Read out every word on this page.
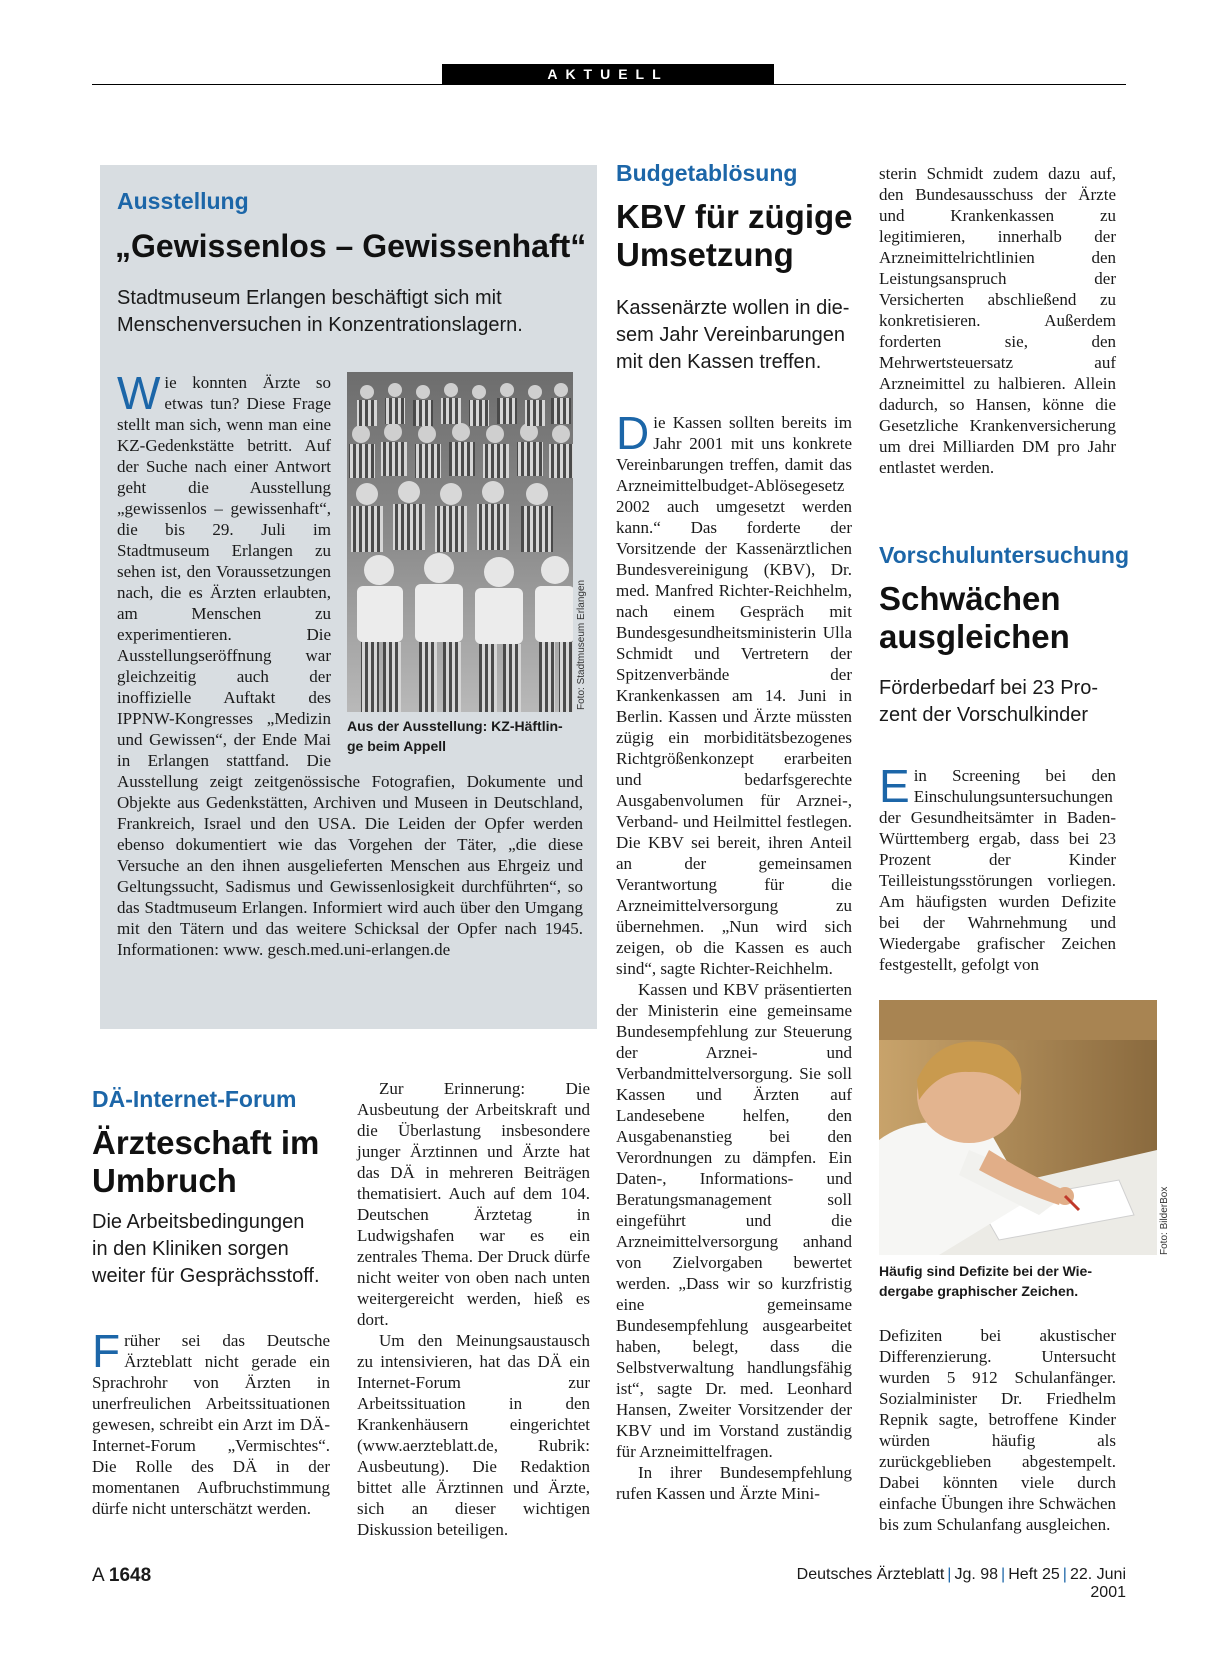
AKTUELL
Ausstellung
„Gewissenlos – Gewissenhaft“
Stadtmuseum Erlangen beschäftigt sich mit
Menschenversuchen in Konzentrationslagern.
Wie konnten Ärzte so etwas tun? Diese Frage stellt man sich, wenn man eine KZ-Gedenkstätte betritt. Auf der Suche nach einer Antwort geht die Ausstellung „gewissenlos – gewissenhaft“, die bis 29. Juli im Stadtmuseum Erlangen zu sehen ist, den Voraussetzungen nach, die es Ärzten erlaubten, am Menschen zu experimentieren. Die Ausstellungseröffnung war gleichzeitig auch der inoffizielle Auftakt des IPPNW-Kongresses „Medizin und Gewissen“, der Ende Mai in Erlangen stattfand. Die Ausstellung zeigt zeitgenössische Fotografien, Dokumente und Objekte aus Gedenkstätten, Archiven und Museen in Deutschland, Frankreich, Israel und den USA. Die Leiden der Opfer werden ebenso dokumentiert wie das Vorgehen der Täter, „die diese Versuche an den ihnen ausgelieferten Menschen aus Ehrgeiz und Geltungssucht, Sadismus und Gewissenlosigkeit durchführten“, so das Stadtmuseum Erlangen. Informiert wird auch über den Umgang mit den Tätern und das weitere Schicksal der Opfer nach 1945. Informationen: www. gesch.med.uni-erlangen.de
Foto: Stadtmuseum Erlangen
Aus der Ausstellung: KZ-Häftlin-
ge beim Appell
DÄ-Internet-Forum
Ärzteschaft im
Umbruch
Die Arbeitsbedingungen
in den Kliniken sorgen
weiter für Gesprächsstoff.

Früher sei das Deutsche Ärzteblatt nicht gerade ein Sprachrohr von Ärzten in unerfreulichen Arbeitssituationen gewesen, schreibt ein Arzt im DÄ-Internet-Forum „Vermischtes“. Die Rolle des DÄ in der momentanen Aufbruchstimmung dürfe nicht unterschätzt werden.

Zur Erinnerung: Die Ausbeutung der Arbeitskraft und die Überlastung insbesondere junger Ärztinnen und Ärzte hat das DÄ in mehreren Beiträgen thematisiert. Auch auf dem 104. Deutschen Ärztetag in Ludwigshafen war es ein zentrales Thema. Der Druck dürfe nicht weiter von oben nach unten weitergereicht werden, hieß es dort.

Um den Meinungsaustausch zu intensivieren, hat das DÄ ein Internet-Forum zur Arbeitssituation in den Krankenhäusern eingerichtet (www.aerzteblatt.de, Rubrik: Ausbeutung). Die Redaktion bittet alle Ärztinnen und Ärzte, sich an dieser wichtigen Diskussion beteiligen.

Budgetablösung
KBV für zügige
Umsetzung
Kassenärzte wollen in die-
sem Jahr Vereinbarungen
mit den Kassen treffen.

Die Kassen sollten bereits im Jahr 2001 mit uns konkrete Vereinbarungen treffen, damit das Arzneimittelbudget-Ablösegesetz 2002 auch umgesetzt werden kann.“ Das forderte der Vorsitzende der Kassenärztlichen Bundesvereinigung (KBV), Dr. med. Manfred Richter-Reichhelm, nach einem Gespräch mit Bundesgesundheitsministerin Ulla Schmidt und Vertretern der Spitzenverbände der Krankenkassen am 14. Juni in Berlin. Kassen und Ärzte müssten zügig ein morbiditätsbezogenes Richtgrößenkonzept erarbeiten und bedarfsgerechte Ausgabenvolumen für Arznei-, Verband- und Heilmittel festlegen. Die KBV sei bereit, ihren Anteil an der gemeinsamen Verantwortung für die Arzneimittelversorgung zu übernehmen. „Nun wird sich zeigen, ob die Kassen es auch sind“, sagte Richter-Reichhelm.

Kassen und KBV präsentierten der Ministerin eine gemeinsame Bundesempfehlung zur Steuerung der Arznei- und Verbandmittelversorgung. Sie soll Kassen und Ärzten auf Landesebene helfen, den Ausgabenanstieg bei den Verordnungen zu dämpfen. Ein Daten-, Informations- und Beratungsmanagement soll eingeführt und die Arzneimittelversorgung anhand von Zielvorgaben bewertet werden. „Dass wir so kurzfristig eine gemeinsame Bundesempfehlung ausgearbeitet haben, belegt, dass die Selbstverwaltung handlungsfähig ist“, sagte Dr. med. Leonhard Hansen, Zweiter Vorsitzender der KBV und im Vorstand zuständig für Arzneimittelfragen.

In ihrer Bundesempfehlung rufen Kassen und Ärzte Mini-

sterin Schmidt zudem dazu auf, den Bundesausschuss der Ärzte und Krankenkassen zu legitimieren, innerhalb der Arzneimittelrichtlinien den Leistungsanspruch der Versicherten abschließend zu konkretisieren. Außerdem forderten sie, den Mehrwertsteuersatz auf Arzneimittel zu halbieren. Allein dadurch, so Hansen, könne die Gesetzliche Krankenversicherung um drei Milliarden DM pro Jahr entlastet werden.

Vorschuluntersuchung
Schwächen
ausgleichen
Förderbedarf bei 23 Pro-
zent der Vorschulkinder

Ein Screening bei den Einschulungsuntersuchungen der Gesundheitsämter in Baden-Württemberg ergab, dass bei 23 Prozent der Kinder Teilleistungsstörungen vorliegen. Am häufigsten wurden Defizite bei der Wahrnehmung und Wiedergabe grafischer Zeichen festgestellt, gefolgt von

Foto: BilderBox
Häufig sind Defizite bei der Wie-
dergabe graphischer Zeichen.

Defiziten bei akustischer Differenzierung. Untersucht wurden 5 912 Schulanfänger. Sozialminister Dr. Friedhelm Repnik sagte, betroffene Kinder würden häufig als zurückgeblieben abgestempelt. Dabei könnten viele durch einfache Übungen ihre Schwächen bis zum Schulanfang ausgleichen.

A 1648	Deutsches Ärzteblatt | Jg. 98 | Heft 25 | 22. Juni 2001
